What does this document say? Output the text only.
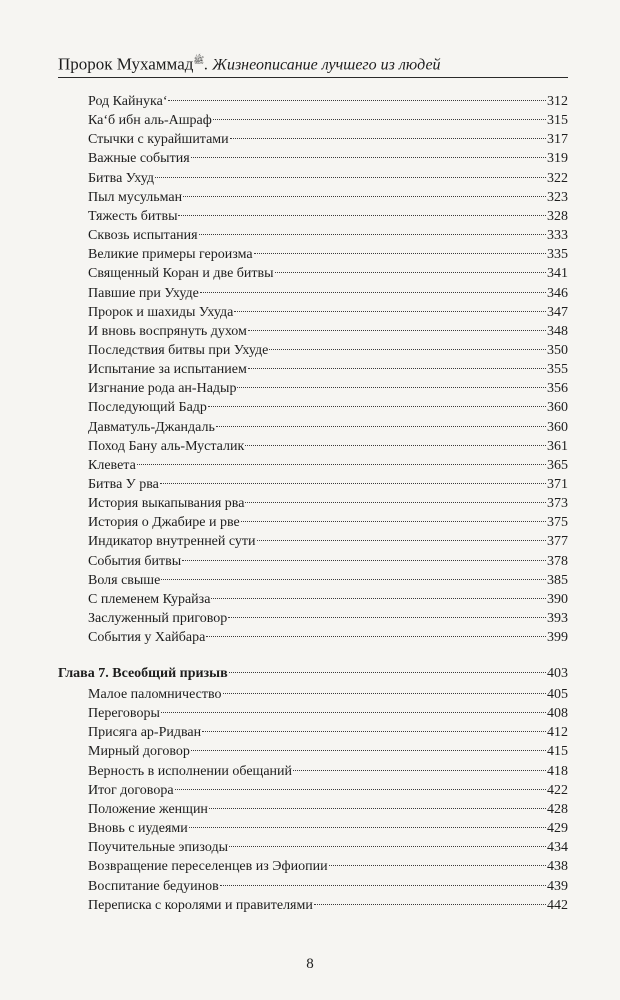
Пророк Мухаммад$^ﷺ$. Жизнеописание лучшего из людей
Род Кайнука‘	312
Ка‘б ибн аль-Ашраф	315
Стычки с курайшитами	317
Важные события	319
Битва Ухуд	322
Пыл мусульман	323
Тяжесть битвы	328
Сквозь испытания	333
Великие примеры героизма	335
Священный Коран и две битвы	341
Павшие при Ухуде	346
Пророк и шахиды Ухуда	347
И вновь воспрянуть духом	348
Последствия битвы при Ухуде	350
Испытание за испытанием	355
Изгнание рода ан-Надыр	356
Последующий Бадр	360
Давматуль-Джандаль	360
Поход Бану аль-Мусталик	361
Клевета	365
Битва У рва	371
История выкапывания рва	373
История о Джабире и рве	375
Индикатор внутренней сути	377
События битвы	378
Воля свыше	385
С племенем Курайза	390
Заслуженный приговор	393
События у Хайбара	399
Глава 7. Всеобщий призыв	403
Малое паломничество	405
Переговоры	408
Присяга ар-Ридван	412
Мирный договор	415
Верность в исполнении обещаний	418
Итог договора	422
Положение женщин	428
Вновь с иудеями	429
Поучительные эпизоды	434
Возвращение переселенцев из Эфиопии	438
Воспитание бедуинов	439
Переписка с королями и правителями	442
8
